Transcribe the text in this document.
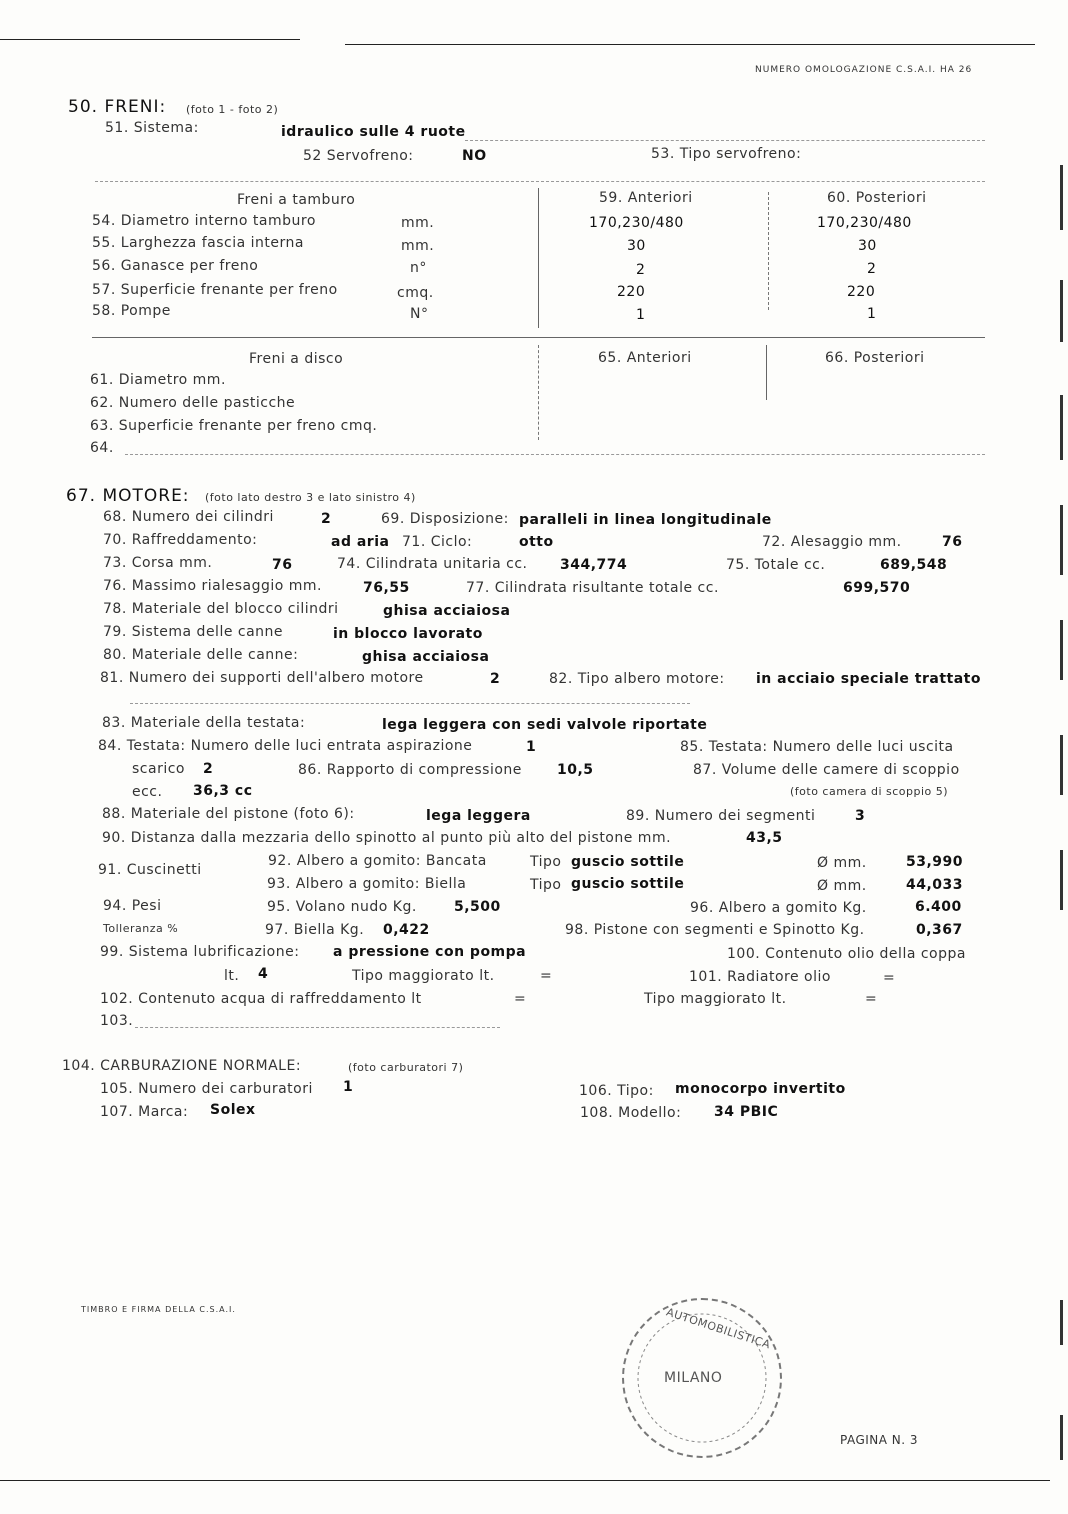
NUMERO OMOLOGAZIONE C.S.A.I. HA 26
50. FRENI: (foto 1 - foto 2)
51. Sistema:	idraulico sulle 4 ruote
52 Servofreno:	NO	53. Tipo servofreno:
Freni a tamburo	59. Anteriori	60. Posteriori
54. Diametro interno tamburo	mm.	170,230/480	170,230/480
55. Larghezza fascia interna	mm.	30	30
56. Ganasce per freno	n°	2	2
57. Superficie frenante per freno	cmq.	220	220
58. Pompe	N°	1	1
Freni a disco	65. Anteriori	66. Posteriori
61. Diametro mm.
62. Numero delle pasticche
63. Superficie frenante per freno cmq.
64.
67. MOTORE: (foto lato destro 3 e lato sinistro 4)
68. Numero dei cilindri	2	69. Disposizione: paralleli in linea longitudinale
70. Raffreddamento:	ad aria 71. Ciclo:	otto	72. Alesaggio mm.	76
73. Corsa mm.	76	74. Cilindrata unitaria cc. 344,774	75. Totale cc.	689,548
76. Massimo rialesaggio mm.	76,55	77. Cilindrata risultante totale cc.	699,570
78. Materiale del blocco cilindri	ghisa acciaiosa
79. Sistema delle canne	in blocco lavorato
80. Materiale delle canne:	ghisa acciaiosa
81. Numero dei supporti dell'albero motore	2	82. Tipo albero motore: in acciaio speciale trattato
83. Materiale della testata:	lega leggera con sedi valvole riportate
84. Testata: Numero delle luci entrata aspirazione	1	85. Testata: Numero delle luci uscita
scarico 2	86. Rapporto di compressione	10,5	87. Volume delle camere di scoppio
ecc. 36,3 cc	(foto camera di scoppio 5)
88. Materiale del pistone (foto 6):	lega leggera	89. Numero dei segmenti	3
90. Distanza dalla mezzaria dello spinotto al punto più alto del pistone mm.	43,5
91. Cuscinetti
92. Albero a gomito: Bancata	Tipo guscio sottile	Ø mm.	53,990
93. Albero a gomito: Biella	Tipo guscio sottile	Ø mm.	44,033
94. Pesi
Tolleranza %
95. Volano nudo Kg.	5,500	96. Albero a gomito Kg.	6.400
97. Biella Kg. 0,422	98. Pistone con segmenti e Spinotto Kg.	0,367
99. Sistema lubrificazione: a pressione con pompa	100. Contenuto olio della coppa
lt. 4	Tipo maggiorato lt.	=	101. Radiatore olio	=
102. Contenuto acqua di raffreddamento lt	=	Tipo maggiorato lt.	=
103.
104. CARBURAZIONE NORMALE:	(foto carburatori 7)
105. Numero dei carburatori 1	106. Tipo: monocorpo invertito
107. Marca: Solex	108. Modello: 34 PBIC
TIMBRO E FIRMA DELLA C.S.A.I.	AUTOMOBILISTICA
MILANO
PAGINA N. 3
